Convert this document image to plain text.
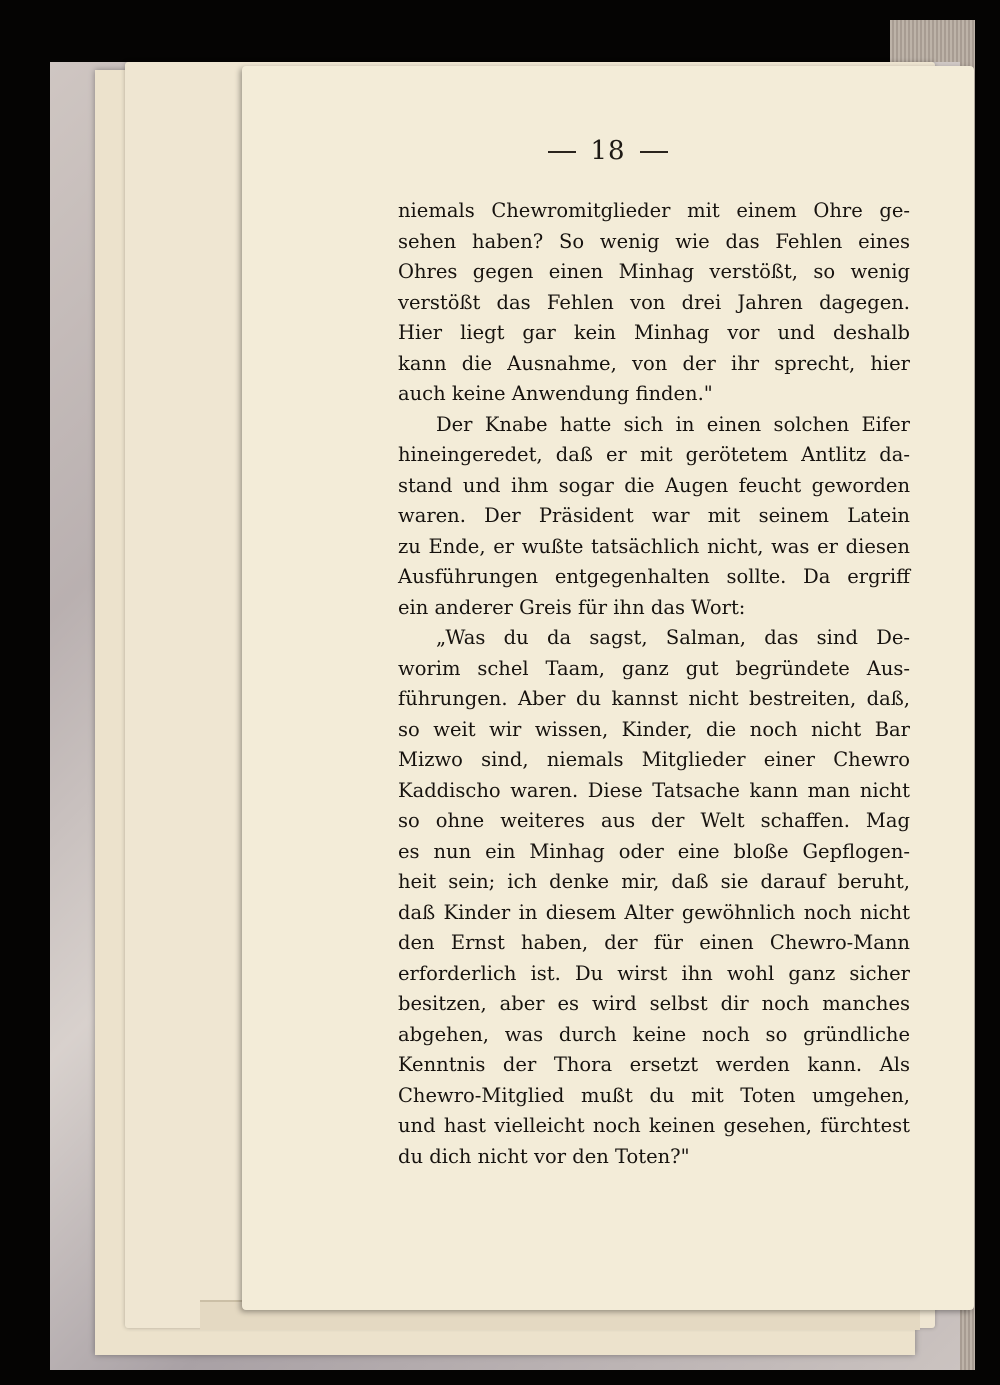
18
niemals Chewromitglieder mit einem Ohre ge-
sehen haben? So wenig wie das Fehlen eines
Ohres gegen einen Minhag verstößt, so wenig
verstößt das Fehlen von drei Jahren dagegen.
Hier liegt gar kein Minhag vor und deshalb
kann die Ausnahme, von der ihr sprecht, hier
auch keine Anwendung finden."
Der Knabe hatte sich in einen solchen Eifer
hineingeredet, daß er mit gerötetem Antlitz da-
stand und ihm sogar die Augen feucht geworden
waren. Der Präsident war mit seinem Latein
zu Ende, er wußte tatsächlich nicht, was er diesen
Ausführungen entgegenhalten sollte. Da ergriff
ein anderer Greis für ihn das Wort:
„Was du da sagst, Salman, das sind De-
worim schel Taam, ganz gut begründete Aus-
führungen. Aber du kannst nicht bestreiten, daß,
so weit wir wissen, Kinder, die noch nicht Bar
Mizwo sind, niemals Mitglieder einer Chewro
Kaddischo waren. Diese Tatsache kann man nicht
so ohne weiteres aus der Welt schaffen. Mag
es nun ein Minhag oder eine bloße Gepflogen-
heit sein; ich denke mir, daß sie darauf beruht,
daß Kinder in diesem Alter gewöhnlich noch nicht
den Ernst haben, der für einen Chewro-Mann
erforderlich ist. Du wirst ihn wohl ganz sicher
besitzen, aber es wird selbst dir noch manches
abgehen, was durch keine noch so gründliche
Kenntnis der Thora ersetzt werden kann. Als
Chewro-Mitglied mußt du mit Toten umgehen,
und hast vielleicht noch keinen gesehen, fürchtest
du dich nicht vor den Toten?"
